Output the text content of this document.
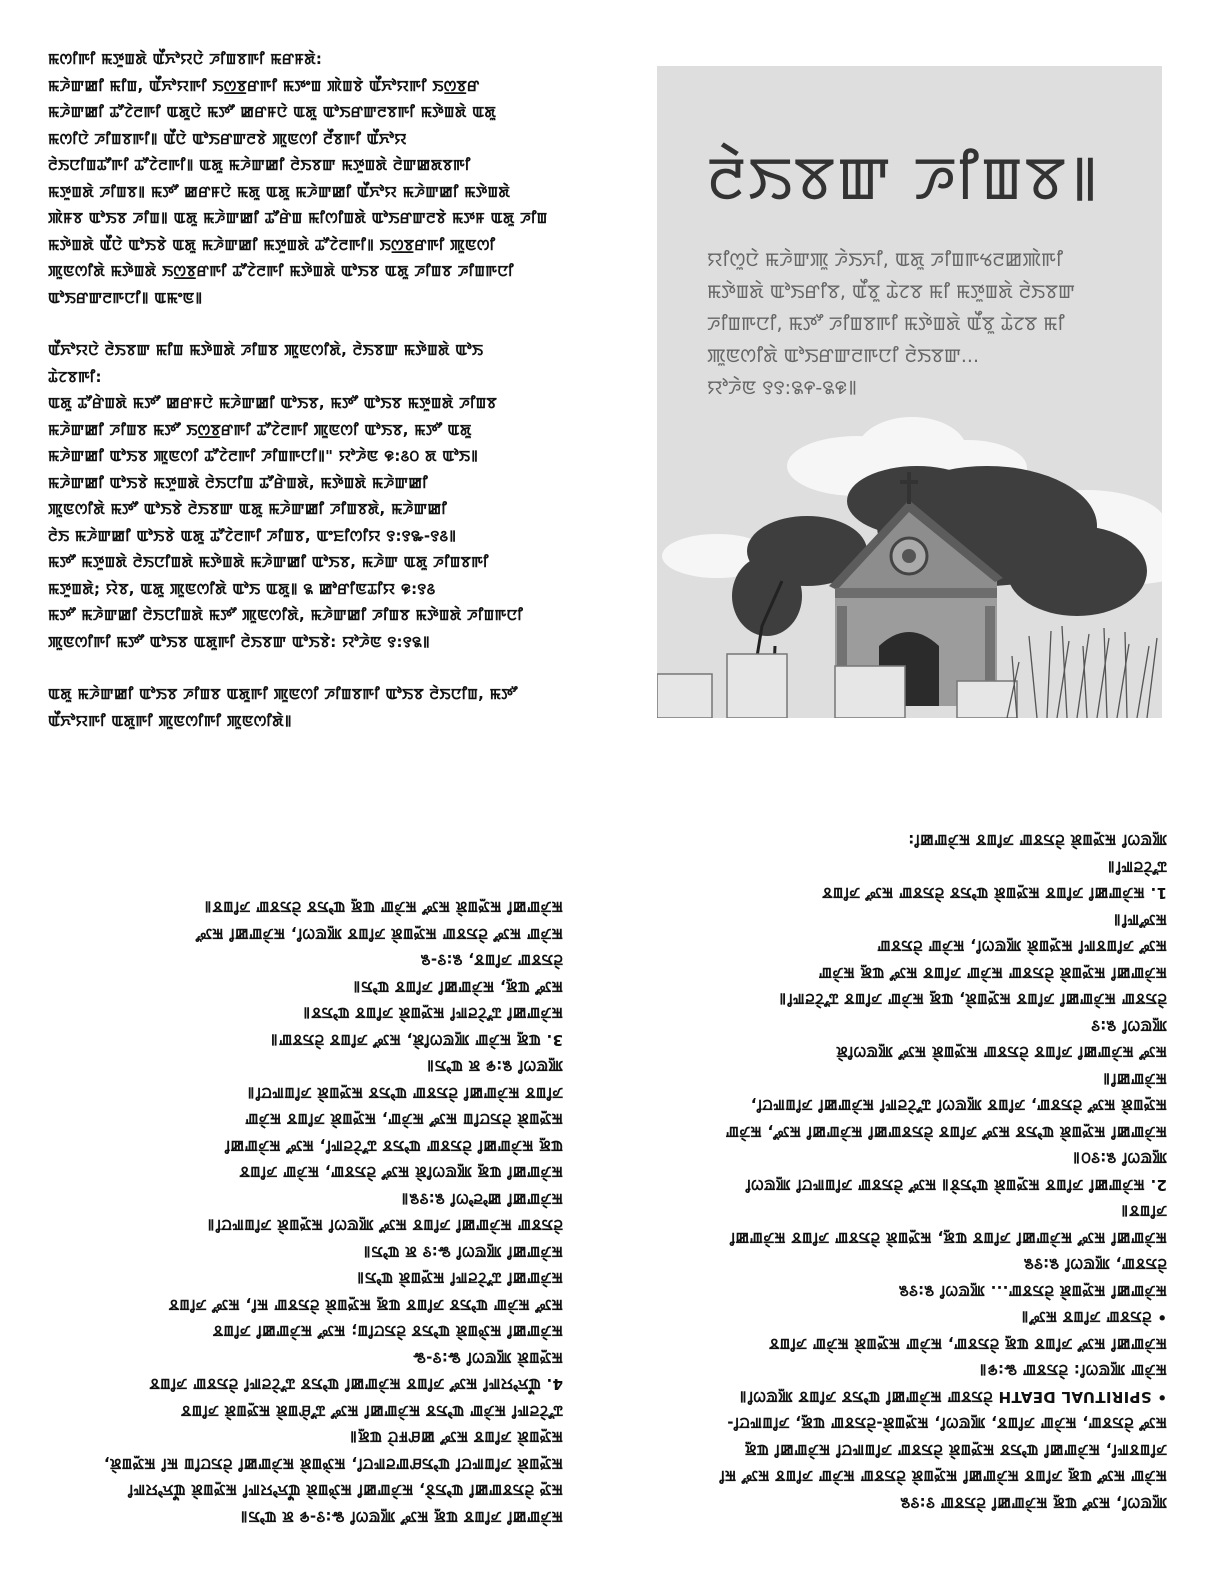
ꯃꯁꯤꯒꯤ ꯃꯇꯨꯡꯗꯥ ꯑꯩꯈꯣꯌꯅꯥ ꯍꯤꯡꯕꯒꯤ ꯃꯔꯝꯗꯥ:

ꯃꯍꯥꯛꯀꯤ ꯃꯤꯡ, ꯑꯩꯈꯣꯌꯒꯤ ꯏꯁ꯭ꯕꯔꯒꯤ ꯃꯇꯦꯡ ꯄꯥꯡꯕꯥ ꯑꯩꯈꯣꯌꯒꯤ ꯏꯁ꯭ꯕꯔ

ꯃꯍꯥꯛꯀꯤ ꯊꯧꯖꯥꯂꯒꯤ ꯑꯗꯨꯅꯥ ꯃꯇꯧ ꯀꯔꯝꯅꯥ ꯑꯗꯨ ꯑꯣꯏꯔꯛꯂꯕꯒꯤ ꯃꯇꯥꯡꯗꯥ ꯑꯗꯨ

ꯃꯁꯤꯅꯥ ꯍꯤꯡꯕꯒꯤ꯫ ꯑꯩꯅꯥ ꯑꯣꯏꯔꯛꯂꯕꯥ ꯄꯨꯟꯁꯤ ꯂꯩꯕꯒꯤ ꯑꯩꯈꯣꯌ

ꯂꯥꯏꯅꯤꯡꯊꯧꯒꯤ ꯊꯧꯖꯥꯂꯒꯤ꯫ ꯑꯗꯨ ꯃꯍꯥꯛꯀꯤ ꯂꯥꯏꯕꯛ ꯃꯇꯨꯡꯗꯥ ꯂꯥꯛꯀꯗꯕꯒꯤ

ꯃꯇꯨꯡꯗꯥ ꯍꯤꯡꯕ꯫ ꯃꯇꯧ ꯀꯔꯝꯅꯥ ꯃꯗꯨ ꯑꯗꯨ ꯃꯍꯥꯛꯀꯤ ꯑꯩꯈꯣꯌ ꯃꯍꯥꯛꯀꯤ ꯃꯇꯥꯡꯗꯥ

ꯄꯥꯝꯕ ꯑꯣꯏꯕ ꯍꯤꯡ꯫ ꯑꯗꯨ ꯃꯍꯥꯛꯀꯤ ꯊꯧꯔꯥꯡ ꯃꯤꯁꯤꯡꯗꯥ ꯑꯣꯏꯔꯛꯂꯕꯥ ꯃꯇꯝ ꯑꯗꯨ ꯍꯤꯡ

ꯃꯇꯥꯡꯗꯥ ꯑꯩꯅꯥ ꯑꯣꯏꯕꯥ ꯑꯗꯨ ꯃꯍꯥꯛꯀꯤ ꯃꯇꯨꯡꯗꯥ ꯊꯧꯖꯥꯂꯒꯤ꯫ ꯏꯁ꯭ꯕꯔꯒꯤ ꯄꯨꯟꯁꯤ

ꯄꯨꯟꯁꯤꯗꯥ ꯃꯇꯥꯡꯗꯥ ꯏꯁ꯭ꯕꯔꯒꯤ ꯊꯧꯖꯥꯂꯒꯤ ꯃꯇꯥꯡꯗꯥ ꯑꯣꯏꯕ ꯑꯗꯨ ꯍꯤꯡꯕ ꯍꯤꯡꯒꯅꯤ

ꯑꯣꯏꯔꯛꯂꯒꯅꯤ꯫ ꯑꯃꯦꯟ꯫

ꯑꯩꯈꯣꯌꯅꯥ ꯂꯥꯏꯕꯛ ꯃꯤꯡ ꯃꯇꯥꯡꯗꯥ ꯍꯤꯡꯕ ꯄꯨꯟꯁꯤꯗꯥ, ꯂꯥꯏꯕꯛ ꯃꯇꯥꯡꯗꯥ ꯑꯣꯏ

ꯊꯥꯖꯕꯒꯤ:

ꯑꯗꯨ ꯊꯧꯔꯥꯡꯗꯥ ꯃꯇꯧ ꯀꯔꯝꯅꯥ ꯃꯍꯥꯛꯀꯤ ꯑꯣꯏꯕ, ꯃꯇꯧ ꯑꯣꯏꯕ ꯃꯇꯨꯡꯗꯥ ꯍꯤꯡꯕ

ꯃꯍꯥꯛꯀꯤ ꯍꯤꯡꯕ ꯃꯇꯧ ꯏꯁ꯭ꯕꯔꯒꯤ ꯊꯧꯖꯥꯂꯒꯤ ꯄꯨꯟꯁꯤ ꯑꯣꯏꯕ, ꯃꯇꯧ ꯑꯗꯨ

ꯃꯍꯥꯛꯀꯤ ꯑꯣꯏꯕ ꯄꯨꯟꯁꯤ ꯊꯧꯖꯥꯂꯒꯤ ꯍꯤꯡꯒꯅꯤ꯫" ꯌꯣꯍꯥꯟ ꯶:꯴꯰ ꯗ ꯑꯣꯏ꯫

ꯃꯍꯥꯛꯀꯤ ꯑꯣꯏꯕꯥ ꯃꯇꯨꯡꯗꯥ ꯂꯥꯏꯅꯤꯡ ꯊꯧꯔꯥꯡꯗꯥ, ꯃꯇꯥꯡꯗꯥ ꯃꯍꯥꯛꯀꯤ

ꯄꯨꯟꯁꯤꯗꯥ ꯃꯇꯧ ꯑꯣꯏꯕꯥ ꯂꯥꯏꯕꯛ ꯑꯗꯨ ꯃꯍꯥꯛꯀꯤ ꯍꯤꯡꯕꯗꯥ, ꯃꯍꯥꯛꯀꯤ

ꯂꯥꯏ ꯃꯍꯥꯛꯀꯤ ꯑꯣꯏꯕꯥ ꯑꯗꯨ ꯊꯧꯖꯥꯂꯒꯤ ꯍꯤꯡꯕ, ꯑꯦꯐꯤꯁꯤꯌ ꯱:꯱꯳-꯱꯴꯫

ꯃꯇꯧ ꯃꯇꯨꯡꯗꯥ ꯂꯥꯏꯅꯤꯡꯗꯥ ꯃꯇꯥꯡꯗꯥ ꯃꯍꯥꯛꯀꯤ ꯑꯣꯏꯕ, ꯃꯍꯥꯛ ꯑꯗꯨ ꯍꯤꯡꯕꯒꯤ

ꯃꯇꯨꯡꯗꯥ; ꯌꯥꯕ, ꯑꯗꯨ ꯄꯨꯟꯁꯤꯗꯥ ꯑꯣꯏ ꯑꯗꯨ꯫ ꯲ ꯀꯣꯔꯤꯟꯊꯤꯌ ꯶:꯱꯴

ꯃꯇꯧ ꯃꯍꯥꯛꯀꯤ ꯂꯥꯏꯅꯤꯡꯗꯥ ꯃꯇꯧ ꯄꯨꯟꯁꯤꯗꯥ, ꯃꯍꯥꯛꯀꯤ ꯍꯤꯡꯕ ꯃꯇꯥꯡꯗꯥ ꯍꯤꯡꯒꯅꯤ

ꯄꯨꯟꯁꯤꯒꯤ ꯃꯇꯧ ꯑꯣꯏꯕ ꯑꯗꯨꯒꯤ ꯂꯥꯏꯕꯛ ꯑꯣꯏꯕꯥ: ꯌꯣꯍꯥꯟ ꯱:꯱꯲꯫

ꯑꯗꯨ ꯃꯍꯥꯛꯀꯤ ꯑꯣꯏꯕ ꯍꯤꯡꯕ ꯑꯗꯨꯒꯤ ꯄꯨꯟꯁꯤ ꯍꯤꯡꯕꯒꯤ ꯑꯣꯏꯕ ꯂꯥꯏꯅꯤꯡ, ꯃꯇꯧ

ꯑꯩꯈꯣꯌꯒꯤ ꯑꯗꯨꯒꯤ ꯄꯨꯟꯁꯤꯒꯤ ꯄꯨꯟꯁꯤꯗꯥ꯫

ꯂꯥꯏꯕꯛ ꯍꯤꯡꯕ꯫

ꯌꯤꯁꯨꯅꯥ ꯃꯍꯥꯛꯄꯨ ꯍꯥꯏꯈꯤ, ꯑꯗꯨ ꯍꯤꯡꯒꯠꯂꯀꯄꯥꯒꯤ

ꯃꯇꯥꯡꯗꯥ ꯑꯣꯏꯔꯤꯕ, ꯑꯩꯕꯨ ꯊꯥꯖꯕ ꯃꯤ ꯃꯇꯨꯡꯗꯥ ꯂꯥꯏꯕꯛ

ꯍꯤꯡꯒꯅꯤ, ꯃꯇꯧ ꯍꯤꯡꯕꯒꯤ ꯃꯇꯥꯡꯗꯥ ꯑꯩꯕꯨ ꯊꯥꯖꯕ ꯃꯤ

ꯄꯨꯟꯁꯤꯗꯥ ꯑꯣꯏꯔꯛꯂꯒꯅꯤ ꯂꯥꯏꯕꯛ...

ꯌꯣꯍꯥꯟ ꯱꯱:꯲꯵-꯲꯶꯫

ꯃꯍꯥꯛꯀꯤ ꯍꯤꯡꯕ ꯑꯗꯨ ꯃꯇꯧ ꯄꯨꯟꯁꯤ ꯳:꯱-꯶ ꯗ ꯑꯣꯏ꯫

ꯃꯇꯨ ꯂꯥꯏꯕꯛꯀꯤ ꯑꯣꯏꯕꯥ, ꯃꯍꯥꯛꯀꯤ ꯃꯇꯥꯡꯗꯥ ꯑꯩꯈꯣꯌꯒꯤ ꯃꯇꯨꯡꯗꯥ ꯑꯩꯈꯣꯌꯒꯤ

ꯃꯇꯨꯡꯗꯥ ꯍꯤꯡꯒꯅꯤ ꯑꯣꯏꯔꯛꯂꯒꯅꯤ, ꯃꯇꯥꯡꯗꯥ ꯃꯍꯥꯛꯀꯤ ꯂꯥꯏꯅꯤꯡ ꯃꯤ ꯃꯇꯨꯡꯗꯥ,

ꯃꯇꯨꯡꯗꯥ ꯍꯤꯡꯕ ꯃꯇꯧ ꯀꯔꯝꯅꯥ ꯑꯗꯨ꯫

ꯊꯧꯖꯥꯂꯒꯤ ꯃꯍꯥꯛ ꯑꯣꯏꯕ ꯃꯍꯥꯛꯀꯤ ꯃꯇꯧ ꯊꯧꯔꯥꯡꯗꯥ ꯃꯇꯨꯡꯗꯥ ꯍꯤꯡꯕ

4. ꯑꯩꯈꯣꯌꯒꯤ ꯃꯇꯧ ꯍꯤꯡꯕ ꯃꯍꯥꯛꯀꯤ ꯑꯣꯏꯕ ꯊꯧꯖꯥꯂꯒꯤ ꯂꯥꯏꯕꯛ ꯍꯤꯡꯕ

ꯃꯇꯨꯡꯗꯥ ꯄꯨꯟꯁꯤ ꯳:꯱-꯳

ꯃꯍꯥꯛꯀꯤ ꯃꯇꯥꯡꯗꯥ ꯑꯣꯏꯕ ꯂꯥꯏꯅꯤꯡ; ꯃꯇꯧ ꯃꯍꯥꯛꯀꯤ ꯍꯤꯡꯕ

ꯃꯇꯧ ꯃꯍꯥꯛ ꯑꯣꯏꯕ ꯍꯤꯡꯕ ꯑꯗꯨ ꯃꯇꯨꯡꯗꯥ ꯂꯥꯏꯕꯛ ꯃꯤ, ꯃꯇꯧ ꯍꯤꯡꯕ

ꯃꯍꯥꯛꯀꯤ ꯊꯧꯖꯥꯂꯒꯤ ꯃꯇꯨꯡꯗꯥ ꯑꯣꯏ꯫

ꯃꯍꯥꯛꯀꯤ ꯄꯨꯟꯁꯤ ꯳:꯱ ꯗ ꯑꯣꯏ꯫

ꯂꯥꯏꯕꯛ ꯃꯍꯥꯛꯀꯤ ꯍꯤꯡꯕ ꯃꯇꯧ ꯄꯨꯟꯁꯤ ꯃꯇꯨꯡꯗꯥ ꯍꯤꯡꯒꯅꯤ꯫

ꯃꯍꯥꯛꯀꯤ ꯀꯣꯂꯣꯁꯤ ꯲:꯱꯲꯫

ꯃꯍꯥꯛꯀꯤ ꯑꯗꯨ ꯄꯨꯟꯁꯤꯗꯥ ꯃꯇꯧ ꯂꯥꯏꯕꯛ, ꯃꯍꯥꯛ ꯍꯤꯡꯕ

ꯑꯗꯨ ꯃꯍꯥꯛꯀꯤ ꯂꯥꯏꯕꯛ ꯑꯣꯏꯕ ꯊꯧꯖꯥꯂꯒꯤ, ꯃꯇꯧ ꯃꯍꯥꯛꯀꯤ

ꯃꯇꯨꯡꯗꯥ ꯂꯥꯏꯅꯤꯡ ꯃꯇꯧ ꯃꯍꯥꯛ, ꯃꯇꯨꯡꯗꯥ ꯍꯤꯡꯕ ꯃꯍꯥꯛ

ꯍꯤꯡꯕ ꯃꯍꯥꯛꯀꯤ ꯂꯥꯏꯕꯛ ꯑꯣꯏꯕ ꯃꯇꯨꯡꯗꯥ ꯍꯤꯡꯒꯅꯤ꯫

ꯄꯨꯟꯁꯤ ꯲:꯶ ꯗ ꯑꯣꯏ꯫

3. ꯑꯗꯨ ꯃꯍꯥꯛ ꯄꯨꯟꯁꯤꯗꯥ, ꯃꯇꯧ ꯍꯤꯡꯕ ꯂꯥꯏꯕꯛ꯫

ꯃꯍꯥꯛꯀꯤ ꯊꯧꯖꯥꯂꯒꯤ ꯃꯇꯨꯡꯗꯥ ꯍꯤꯡꯕ ꯑꯣꯏꯕ꯫

ꯃꯇꯧ ꯑꯗꯨ, ꯃꯍꯥꯛꯀꯤ ꯍꯤꯡꯕ ꯑꯣꯏ꯫

ꯂꯥꯏꯕꯛ ꯍꯤꯡꯕ, ꯲:꯱-꯲

ꯃꯍꯥꯛ ꯃꯇꯧ ꯂꯥꯏꯕꯛ ꯃꯇꯨꯡꯗꯥ ꯍꯤꯡꯕ ꯄꯨꯟꯁꯤ, ꯃꯍꯥꯛꯀꯤ ꯃꯇꯧ

ꯃꯍꯥꯛꯀꯤ ꯃꯇꯨꯡꯗꯥ ꯃꯇꯧ ꯃꯍꯥꯛ ꯑꯗꯨ ꯑꯣꯏꯕ ꯂꯥꯏꯕꯛ ꯍꯤꯡꯕ꯫

ꯄꯨꯟꯁꯤ, ꯃꯇꯧ ꯑꯗꯨ ꯃꯍꯥꯛꯀꯤ ꯂꯥꯏꯕꯛ ꯱:꯱꯲

ꯃꯍꯥꯛ ꯃꯇꯧ ꯑꯗꯨ ꯍꯤꯡꯕ ꯃꯍꯥꯛꯀꯤ ꯃꯇꯨꯡꯗꯥ ꯂꯥꯏꯕꯛ ꯃꯍꯥꯛ ꯍꯤꯡꯕ ꯃꯇꯧ ꯃꯤ

ꯍꯤꯡꯕꯒꯤ, ꯃꯍꯥꯛꯀꯤ ꯑꯣꯏꯕ ꯃꯇꯨꯡꯗꯥ ꯂꯥꯏꯕꯛ ꯍꯤꯡꯒꯅꯤ ꯃꯍꯥꯛꯀꯤ ꯑꯗꯨ

ꯃꯇꯧ ꯂꯥꯏꯕꯛ, ꯃꯍꯥꯛ ꯍꯤꯡꯕ, ꯄꯨꯟꯁꯤ, ꯃꯇꯨꯡꯗꯥ-ꯂꯥꯏꯕꯛ ꯑꯗꯨ, ꯍꯤꯡꯒꯅꯤ-

• SPIRITUAL DEATH ꯂꯥꯏꯕꯛ ꯃꯍꯥꯛꯀꯤ ꯑꯣꯏꯕ ꯍꯤꯡꯕ ꯄꯨꯟꯁꯤ꯫

ꯃꯍꯥꯛ ꯄꯨꯟꯁꯤ: ꯂꯥꯏꯕꯛ ꯳:꯶꯫

ꯃꯍꯥꯛꯀꯤ ꯃꯇꯧ ꯍꯤꯡꯕ ꯑꯗꯨ ꯂꯥꯏꯕꯛ, ꯃꯍꯥꯛ ꯃꯇꯨꯡꯗꯥ ꯃꯍꯥꯛ ꯍꯤꯡꯕ

• ꯂꯥꯏꯕꯛ ꯍꯤꯡꯕ ꯃꯇꯧ꯫

ꯃꯍꯥꯛꯀꯤ ꯃꯇꯨꯡꯗꯥ ꯂꯥꯏꯕꯛ... ꯄꯨꯟꯁꯤ ꯲:꯱꯲

ꯂꯥꯏꯕꯛ, ꯄꯨꯟꯁꯤ ꯲:꯱꯲

ꯃꯍꯥꯛꯀꯤ ꯃꯇꯧ ꯃꯍꯥꯛꯀꯤ ꯍꯤꯡꯕ ꯑꯗꯨ, ꯃꯇꯨꯡꯗꯥ ꯂꯥꯏꯕꯛ ꯍꯤꯡꯕ ꯃꯍꯥꯛꯀꯤ

ꯍꯤꯡꯕ꯫

2. ꯃꯍꯥꯛꯀꯤ ꯍꯤꯡꯕ ꯃꯇꯨꯡꯗꯥ ꯑꯣꯏꯕꯥ꯫ ꯃꯇꯧ ꯂꯥꯏꯕꯛ ꯍꯤꯡꯒꯅꯤ ꯄꯨꯟꯁꯤ

ꯄꯨꯟꯁꯤ ꯲:꯱꯰꯫

ꯃꯍꯥꯛꯀꯤ ꯃꯇꯨꯡꯗꯥ ꯑꯣꯏꯕ ꯃꯇꯧ ꯍꯤꯡꯕ ꯂꯥꯏꯕꯛꯀꯤ ꯃꯍꯥꯛꯀꯤ ꯃꯇꯧ, ꯃꯍꯥꯛ

ꯃꯇꯨꯡꯗꯥ ꯃꯇꯧ ꯂꯥꯏꯕꯛ, ꯍꯤꯡꯕ ꯄꯨꯟꯁꯤ ꯊꯧꯖꯥꯂꯒꯤ ꯃꯍꯥꯛꯀꯤ ꯍꯤꯡꯒꯅꯤ,

ꯃꯍꯥꯛꯀꯤ꯫

ꯃꯇꯧ ꯃꯍꯥꯛꯀꯤ ꯍꯤꯡꯕ ꯂꯥꯏꯕꯛ ꯃꯇꯨꯡꯗꯥ ꯃꯇꯧ ꯄꯨꯟꯁꯤꯗꯥ

ꯄꯨꯟꯁꯤ ꯲:꯱

ꯂꯥꯏꯕꯛ ꯃꯍꯥꯛꯀꯤ ꯍꯤꯡꯕ ꯃꯇꯨꯡꯗꯥ, ꯑꯗꯨ ꯃꯍꯥꯛ ꯍꯤꯡꯕ ꯊꯧꯖꯥꯂꯒꯤ꯫

ꯃꯍꯥꯛꯀꯤ ꯃꯇꯨꯡꯗꯥ ꯂꯥꯏꯕꯛ ꯃꯍꯥꯛ ꯍꯤꯡꯕ ꯃꯇꯧ ꯑꯗꯨ ꯃꯍꯥꯛ

ꯃꯇꯧ ꯍꯤꯡꯕꯒꯤ ꯃꯇꯨꯡꯗꯥ ꯄꯨꯟꯁꯤ, ꯃꯍꯥꯛ ꯂꯥꯏꯕꯛ

ꯃꯇꯧꯒꯤ꯫

1. ꯃꯍꯥꯛꯀꯤ ꯍꯤꯡꯕ ꯃꯇꯨꯡꯗꯥ ꯑꯣꯏꯕ ꯂꯥꯏꯕꯛ ꯃꯇꯧ ꯍꯤꯡꯕ

ꯊꯧꯖꯥꯂꯒꯤ꯫

ꯄꯨꯟꯁꯤ ꯃꯇꯨꯡꯗꯥ ꯂꯥꯏꯕꯛ ꯍꯤꯡꯕ ꯃꯍꯥꯛꯀꯤ:
